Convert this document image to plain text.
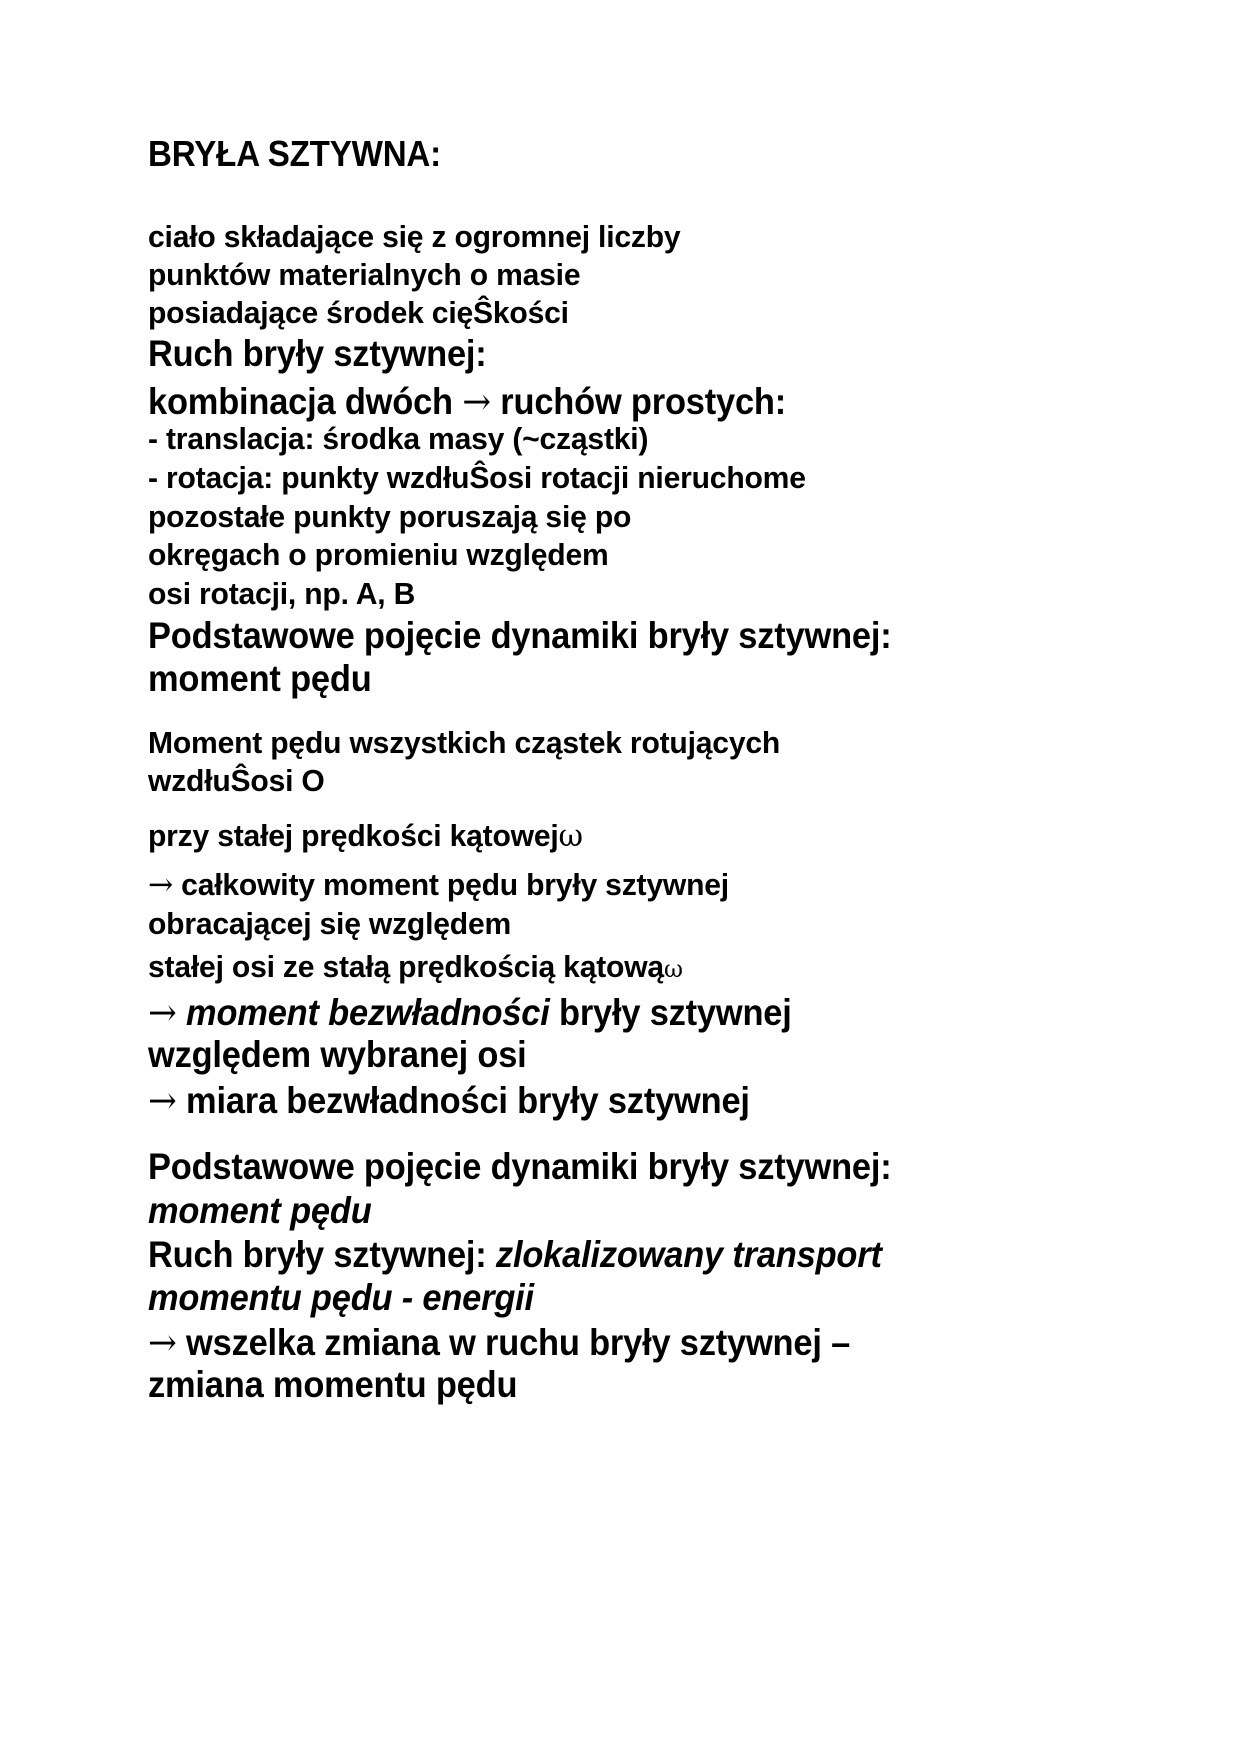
BRYŁA SZTYWNA:
ciało składające się z ogromnej liczby
punktów materialnych o masie
posiadające środek cięŜkości
Ruch bryły sztywnej:
kombinacja dwóch → ruchów prostych:
- translacja: środka masy (~cząstki)
- rotacja: punkty wzdłuŜosi rotacji nieruchome
pozostałe punkty poruszają się po
okręgach o promieniu względem
osi rotacji, np. A, B
Podstawowe pojęcie dynamiki bryły sztywnej:
moment pędu
Moment pędu wszystkich cząstek rotujących
wzdłuŜosi O
przy stałej prędkości kątowejω
→ całkowity moment pędu bryły sztywnej
obracającej się względem
stałej osi ze stałą prędkością kątowąω
→ moment bezwładności bryły sztywnej
względem wybranej osi
→ miara bezwładności bryły sztywnej
Podstawowe pojęcie dynamiki bryły sztywnej:
moment pędu
Ruch bryły sztywnej: zlokalizowany transport
momentu pędu - energii
→ wszelka zmiana w ruchu bryły sztywnej –
zmiana momentu pędu
